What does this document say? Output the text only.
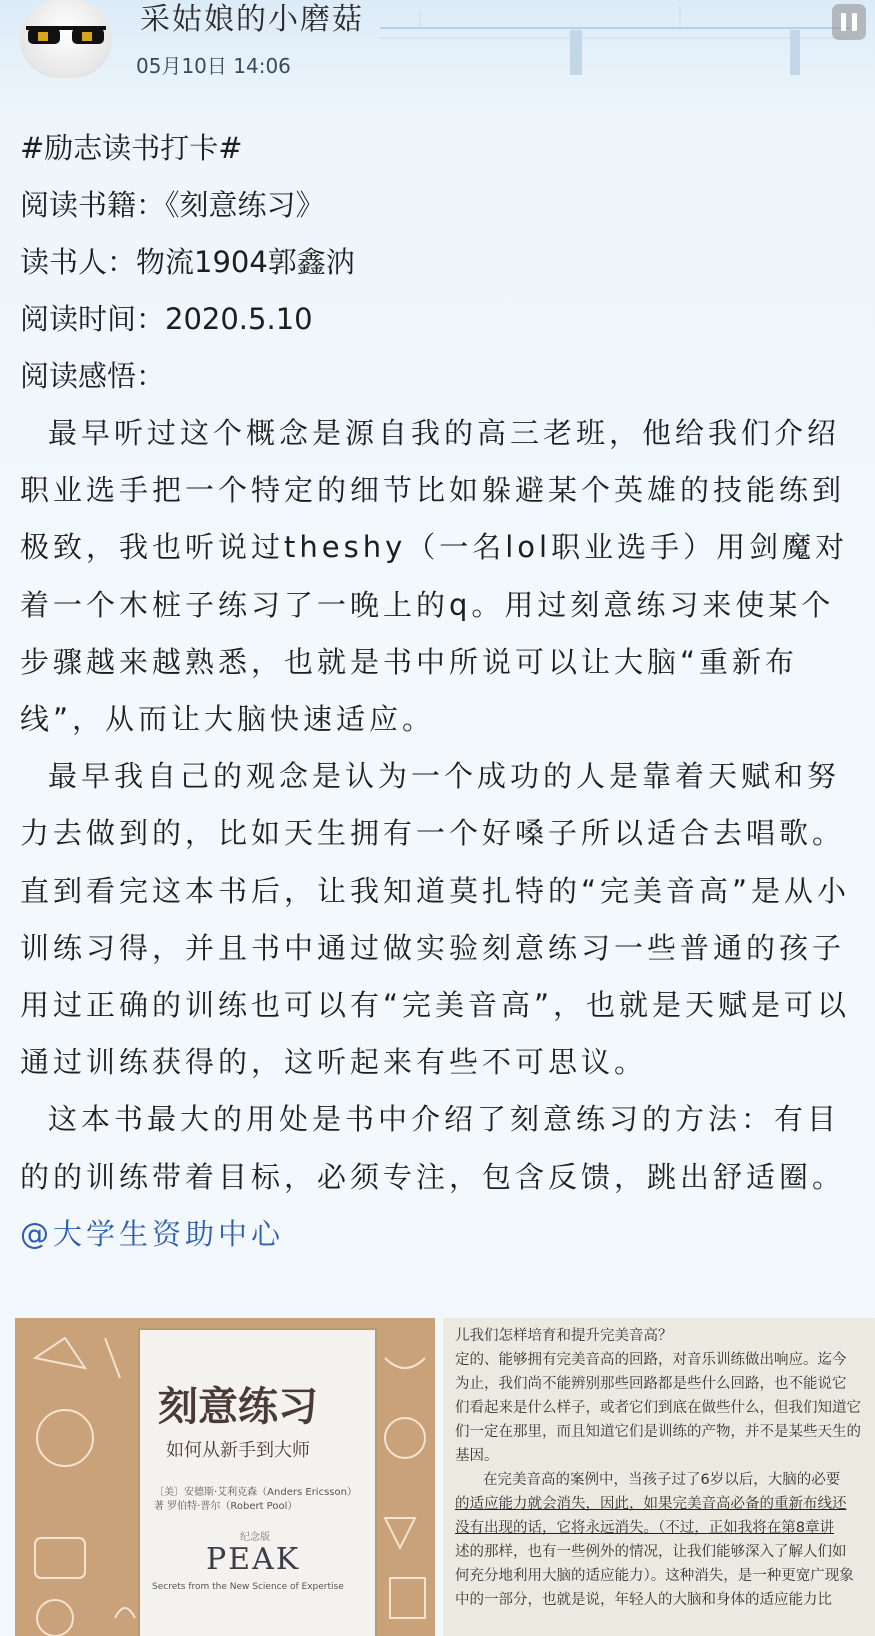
采姑娘的小磨菇
05月10日 14:06
#励志读书打卡#
阅读书籍：《刻意练习》
读书人：物流1904郭鑫汭
阅读时间：2020.5.10
阅读感悟：
最早听过这个概念是源自我的高三老班，他给我们介绍职业选手把一个特定的细节比如躲避某个英雄的技能练到极致，我也听说过theshy（一名lol职业选手）用剑魔对着一个木桩子练习了一晚上的q。用过刻意练习来使某个步骤越来越熟悉，也就是书中所说可以让大脑“重新布线”，从而让大脑快速适应。
最早我自己的观念是认为一个成功的人是靠着天赋和努力去做到的，比如天生拥有一个好嗓子所以适合去唱歌。直到看完这本书后，让我知道莫扎特的“完美音高”是从小训练习得，并且书中通过做实验刻意练习一些普通的孩子用过正确的训练也可以有“完美音高”，也就是天赋是可以通过训练获得的，这听起来有些不可思议。
这本书最大的用处是书中介绍了刻意练习的方法：有目的的训练带着目标，必须专注，包含反馈，跳出舒适圈。@大学生资助中心
刻意练习
如何从新手到大师
〔美〕安德斯·艾利克森（Anders Ericsson）著 罗伯特·普尔（Robert Pool）
纪念版
PEAK
Secrets from the New Science of Expertise
儿我们怎样培育和提升完美音高？
定的、能够拥有完美音高的回路，对音乐训练做出响应。迄今
为止，我们尚不能辨别那些回路都是些什么回路，也不能说它
们看起来是什么样子，或者它们到底在做些什么，但我们知道它
们一定在那里，而且知道它们是训练的产物，并不是某些天生的
基因。
在完美音高的案例中，当孩子过了6岁以后，大脑的必要
的适应能力就会消失，因此，如果完美音高必备的重新布线还
没有出现的话，它将永远消失。（不过，正如我将在第8章讲
述的那样，也有一些例外的情况，让我们能够深入了解人们如
何充分地利用大脑的适应能力）。这种消失，是一种更宽广现象
中的一部分，也就是说，年轻人的大脑和身体的适应能力比
